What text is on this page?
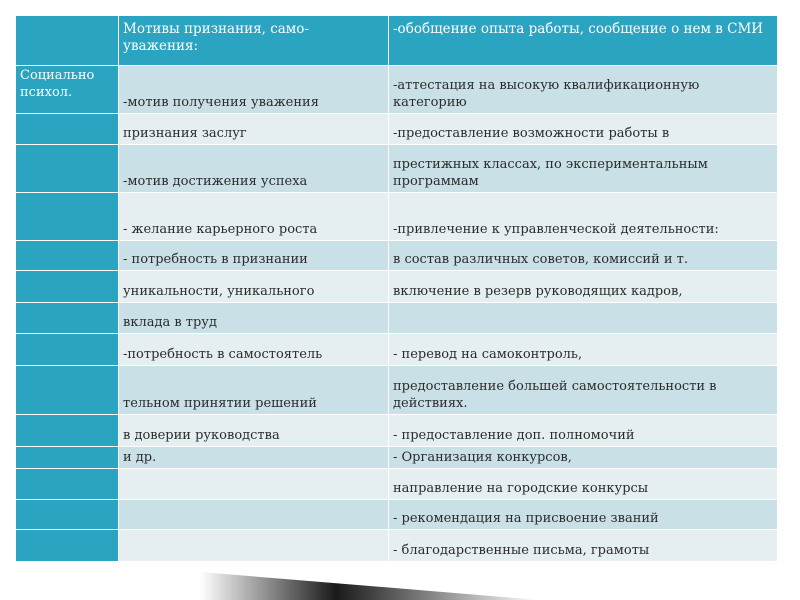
	Мотивы признания, само-уважения:	-обобщение опыта работы, сообщение о нем в СМИ
Социально психол.	-мотив получения уважения	-аттестация на высокую квалификационную категорию
	признания заслуг	-предоставление возможности работы в
	-мотив достижения успеха	престижных классах, по экспериментальным программам
	- желание карьерного роста	-привлечение к управленческой деятельности:
	- потребность в признании	в состав различных советов, комиссий и т.
	уникальности, уникального	включение в резерв руководящих кадров,
	вклада в труд	
	-потребность в самостоятель	- перевод на самоконтроль,
	тельном принятии решений	предоставление большей самостоятельности в действиях.
	в доверии руководства	- предоставление доп. полномочий
	и др.	- Организация конкурсов,
		направление на городские конкурсы
		- рекомендация на присвоение званий
		- благодарственные письма, грамоты
